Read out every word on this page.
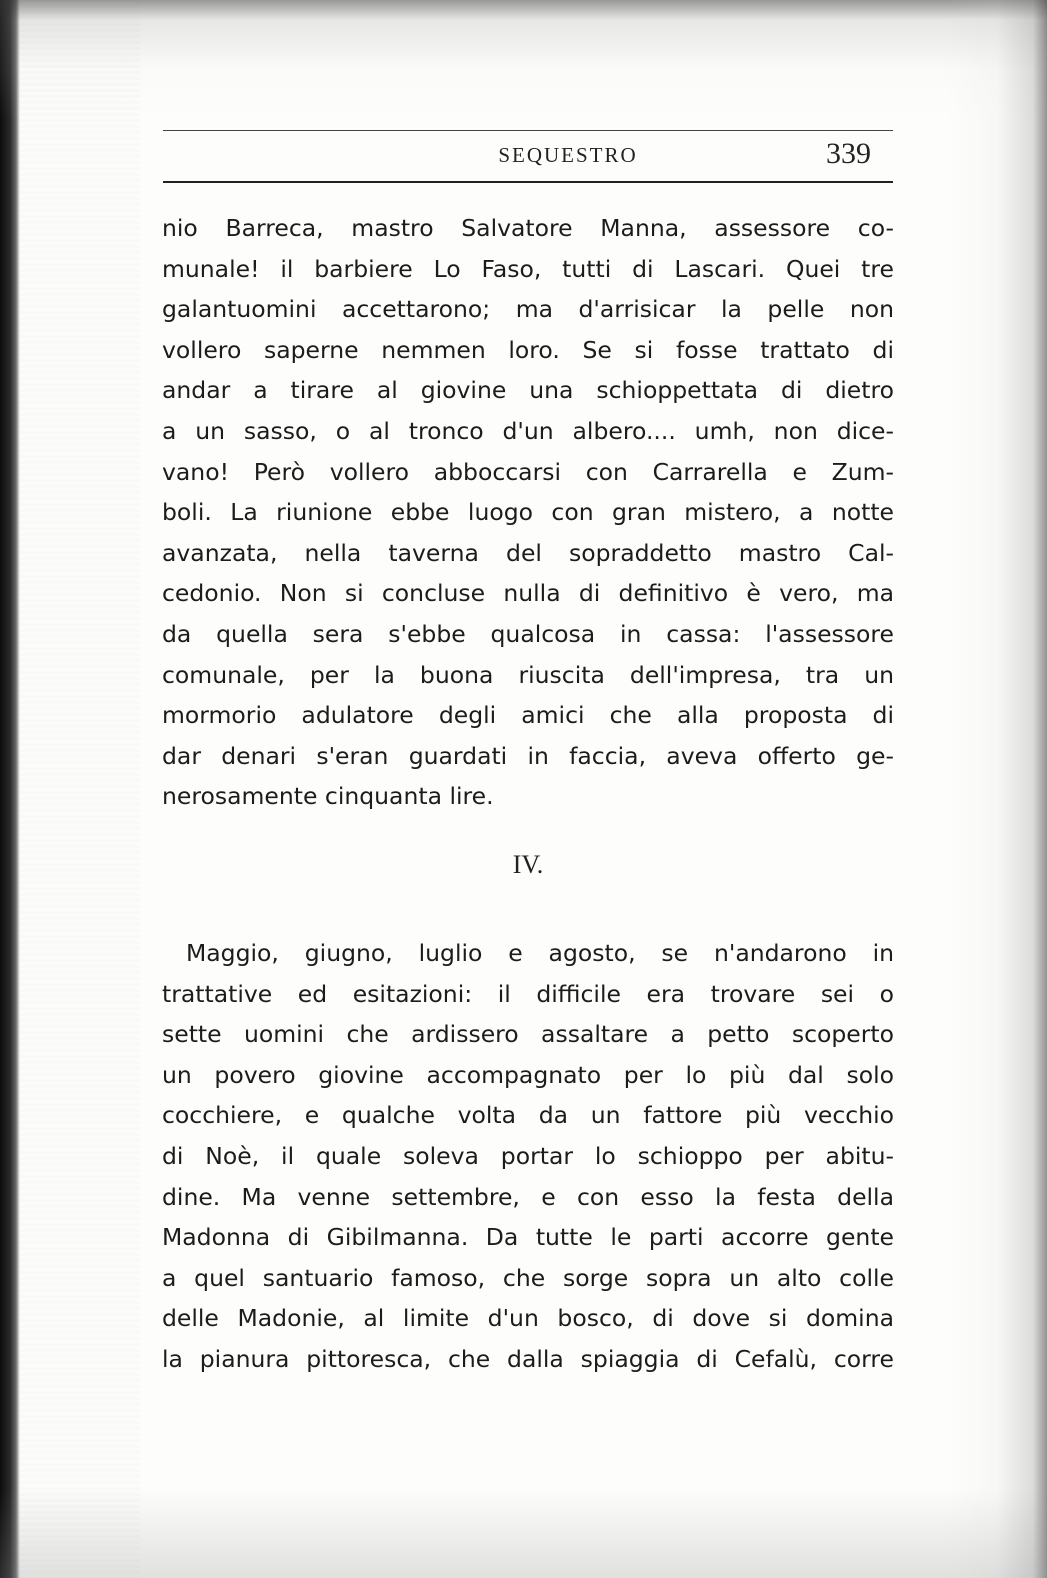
SEQUESTRO	339
nio Barreca, mastro Salvatore Manna, assessore co-
munale! il barbiere Lo Faso, tutti di Lascari. Quei tre
galantuomini accettarono; ma d'arrisicar la pelle non
vollero saperne nemmen loro. Se si fosse trattato di
andar a tirare al giovine una schioppettata di dietro
a un sasso, o al tronco d'un albero.... umh, non dice-
vano! Però vollero abboccarsi con Carrarella e Zum-
boli. La riunione ebbe luogo con gran mistero, a notte
avanzata, nella taverna del sopraddetto mastro Cal-
cedonio. Non si concluse nulla di definitivo è vero, ma
da quella sera s'ebbe qualcosa in cassa: l'assessore
comunale, per la buona riuscita dell'impresa, tra un
mormorio adulatore degli amici che alla proposta di
dar denari s'eran guardati in faccia, aveva offerto ge-
nerosamente cinquanta lire.
IV.
Maggio, giugno, luglio e agosto, se n'andarono in
trattative ed esitazioni: il difficile era trovare sei o
sette uomini che ardissero assaltare a petto scoperto
un povero giovine accompagnato per lo più dal solo
cocchiere, e qualche volta da un fattore più vecchio
di Noè, il quale soleva portar lo schioppo per abitu-
dine. Ma venne settembre, e con esso la festa della
Madonna di Gibilmanna. Da tutte le parti accorre gente
a quel santuario famoso, che sorge sopra un alto colle
delle Madonie, al limite d'un bosco, di dove si domina
la pianura pittoresca, che dalla spiaggia di Cefalù, corre
